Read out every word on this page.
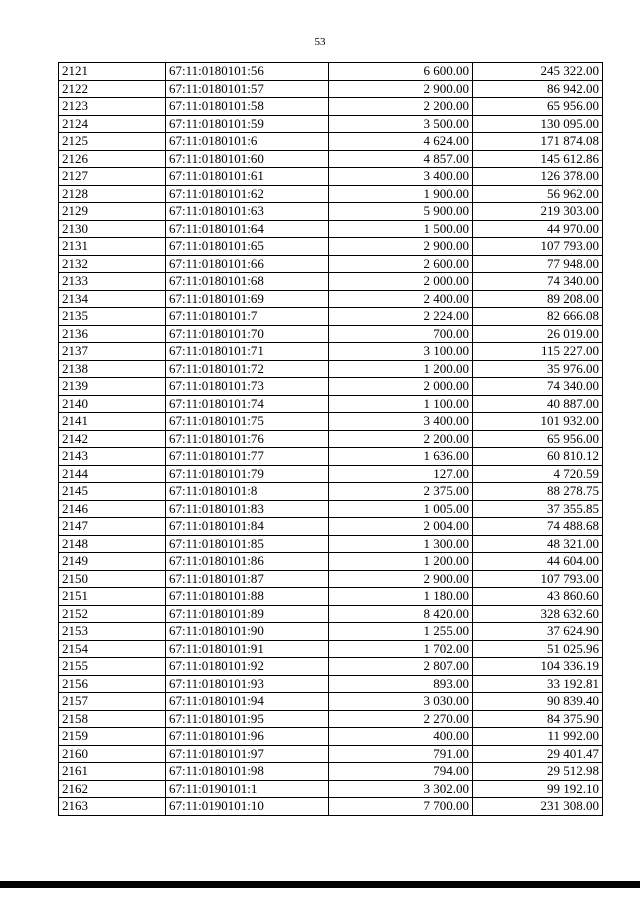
53
2121	67:11:0180101:56	6 600.00	245 322.00
2122	67:11:0180101:57	2 900.00	86 942.00
2123	67:11:0180101:58	2 200.00	65 956.00
2124	67:11:0180101:59	3 500.00	130 095.00
2125	67:11:0180101:6	4 624.00	171 874.08
2126	67:11:0180101:60	4 857.00	145 612.86
2127	67:11:0180101:61	3 400.00	126 378.00
2128	67:11:0180101:62	1 900.00	56 962.00
2129	67:11:0180101:63	5 900.00	219 303.00
2130	67:11:0180101:64	1 500.00	44 970.00
2131	67:11:0180101:65	2 900.00	107 793.00
2132	67:11:0180101:66	2 600.00	77 948.00
2133	67:11:0180101:68	2 000.00	74 340.00
2134	67:11:0180101:69	2 400.00	89 208.00
2135	67:11:0180101:7	2 224.00	82 666.08
2136	67:11:0180101:70	700.00	26 019.00
2137	67:11:0180101:71	3 100.00	115 227.00
2138	67:11:0180101:72	1 200.00	35 976.00
2139	67:11:0180101:73	2 000.00	74 340.00
2140	67:11:0180101:74	1 100.00	40 887.00
2141	67:11:0180101:75	3 400.00	101 932.00
2142	67:11:0180101:76	2 200.00	65 956.00
2143	67:11:0180101:77	1 636.00	60 810.12
2144	67:11:0180101:79	127.00	4 720.59
2145	67:11:0180101:8	2 375.00	88 278.75
2146	67:11:0180101:83	1 005.00	37 355.85
2147	67:11:0180101:84	2 004.00	74 488.68
2148	67:11:0180101:85	1 300.00	48 321.00
2149	67:11:0180101:86	1 200.00	44 604.00
2150	67:11:0180101:87	2 900.00	107 793.00
2151	67:11:0180101:88	1 180.00	43 860.60
2152	67:11:0180101:89	8 420.00	328 632.60
2153	67:11:0180101:90	1 255.00	37 624.90
2154	67:11:0180101:91	1 702.00	51 025.96
2155	67:11:0180101:92	2 807.00	104 336.19
2156	67:11:0180101:93	893.00	33 192.81
2157	67:11:0180101:94	3 030.00	90 839.40
2158	67:11:0180101:95	2 270.00	84 375.90
2159	67:11:0180101:96	400.00	11 992.00
2160	67:11:0180101:97	791.00	29 401.47
2161	67:11:0180101:98	794.00	29 512.98
2162	67:11:0190101:1	3 302.00	99 192.10
2163	67:11:0190101:10	7 700.00	231 308.00
